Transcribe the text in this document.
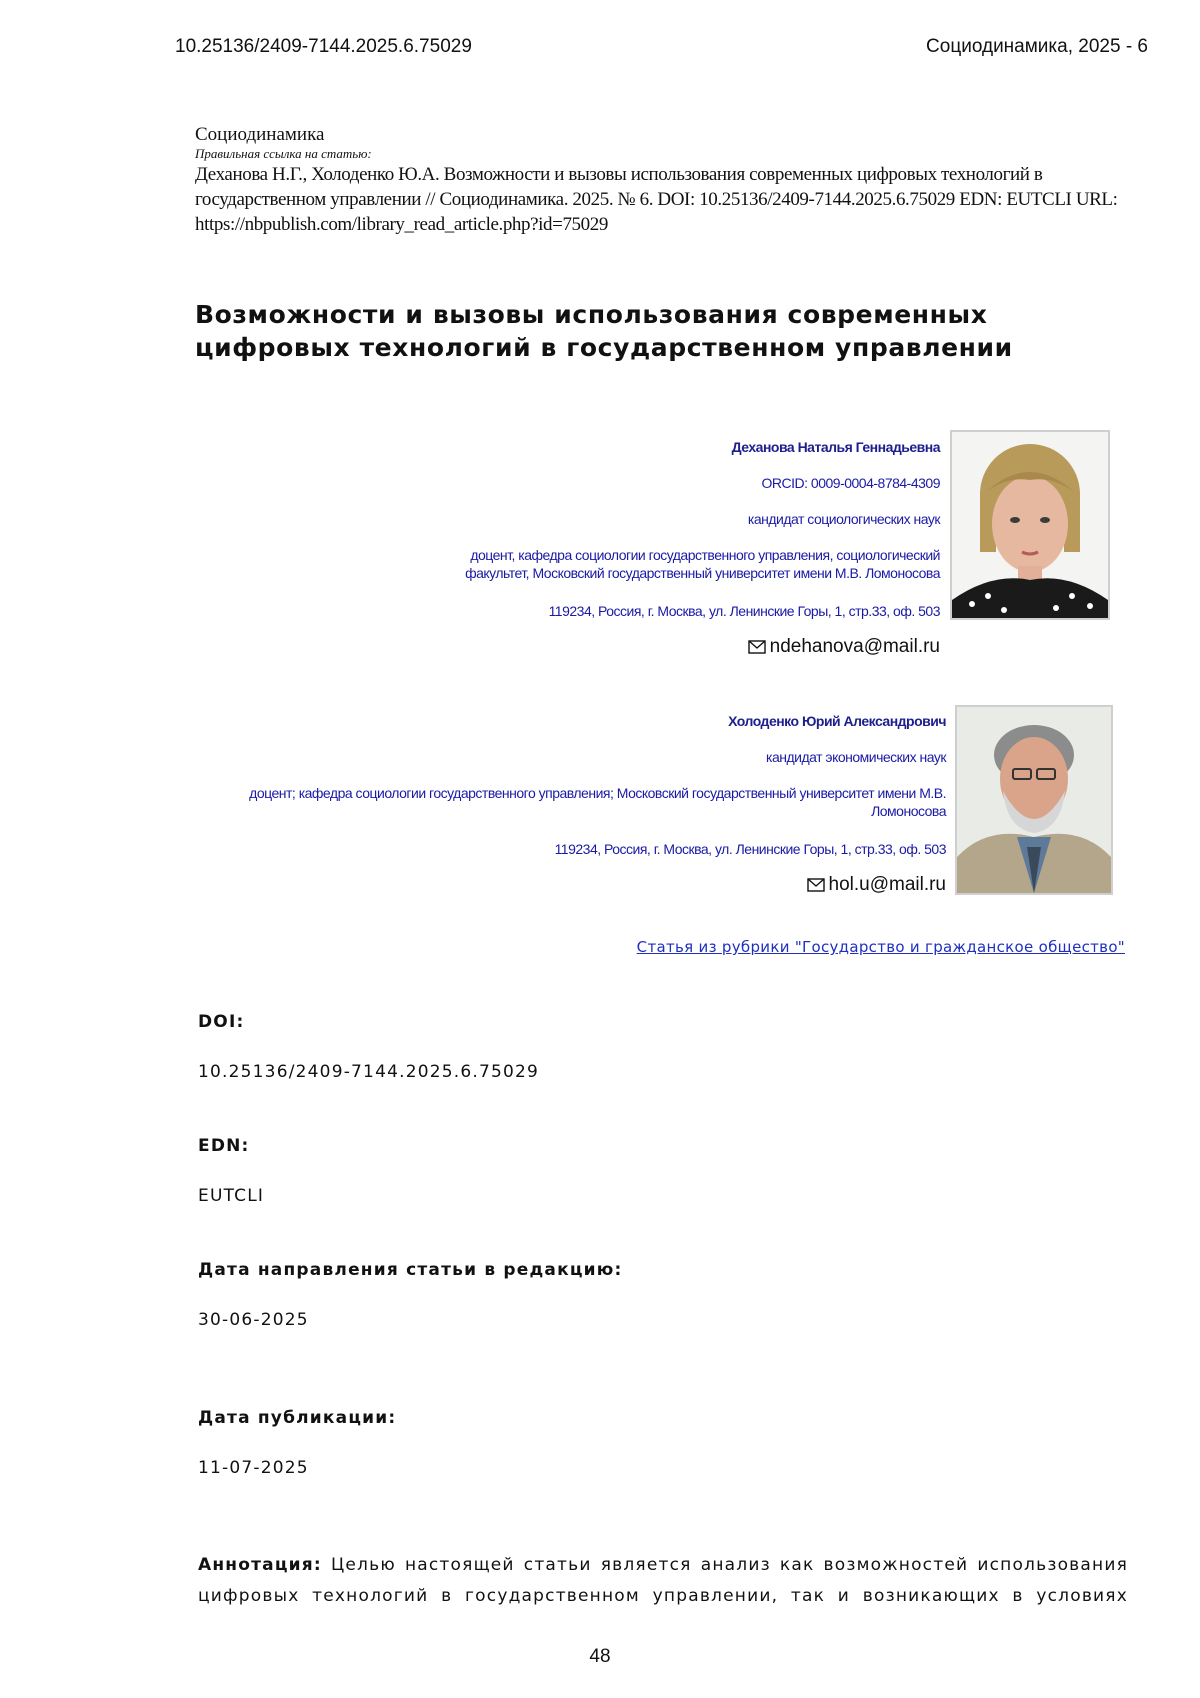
10.25136/2409-7144.2025.6.75029	Социодинамика, 2025 - 6
Социодинамика
Правильная ссылка на статью:
Деханова Н.Г., Холоденко Ю.А. Возможности и вызовы использования современных цифровых технологий в государственном управлении // Социодинамика. 2025. № 6. DOI: 10.25136/2409-7144.2025.6.75029 EDN: EUTCLI URL: https://nbpublish.com/library_read_article.php?id=75029
Возможности и вызовы использования современных цифровых технологий в государственном управлении
Деханова Наталья Геннадьевна
ORCID: 0009-0004-8784-4309
кандидат социологических наук
доцент, кафедра социологии государственного управления, социологический факультет, Московский государственный университет имени М.В. Ломоносова
119234, Россия, г. Москва, ул. Ленинские Горы, 1, стр.33, оф. 503
ndehanova@mail.ru
Холоденко Юрий Александрович
кандидат экономических наук
доцент; кафедра социологии государственного управления; Московский государственный университет имени М.В. Ломоносова
119234, Россия, г. Москва, ул. Ленинские Горы, 1, стр.33, оф. 503
hol.u@mail.ru
Статья из рубрики "Государство и гражданское общество"
DOI:
10.25136/2409-7144.2025.6.75029
EDN:
EUTCLI
Дата направления статьи в редакцию:
30-06-2025
Дата публикации:
11-07-2025

Аннотация: Целью настоящей статьи является анализ как возможностей использования цифровых технологий в государственном управлении, так и возникающих в условиях

48
